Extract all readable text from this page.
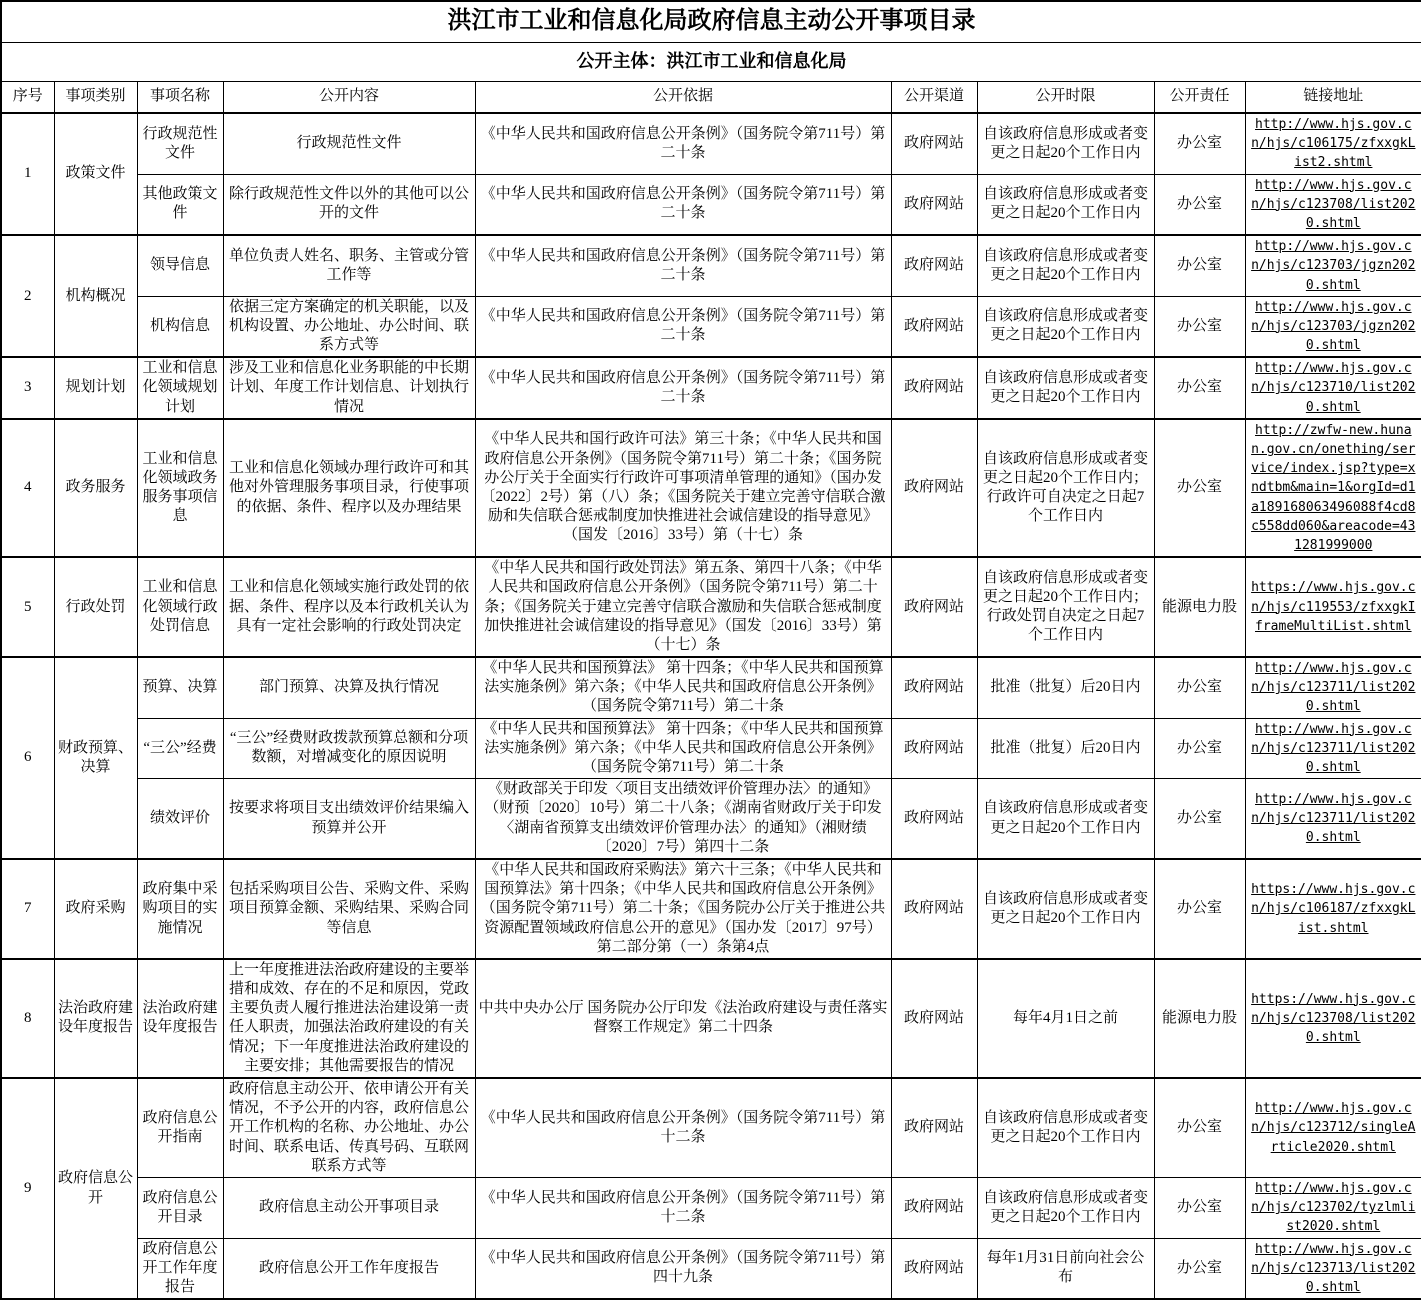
洪江市工业和信息化局政府信息主动公开事项目录								
公开主体：洪江市工业和信息化局								
序号	事项类别	事项名称	公开内容	公开依据	公开渠道	公开时限	公开责任	链接地址
1	政策文件	行政规范性文件	行政规范性文件	《中华人民共和国政府信息公开条例》（国务院令第711号）第二十条	政府网站	自该政府信息形成或者变更之日起20个工作日内	办公室	http://www.hjs.gov.cn/hjs/c106175/zfxxgkList2.shtml
		其他政策文件	除行政规范性文件以外的其他可以公开的文件	《中华人民共和国政府信息公开条例》（国务院令第711号）第二十条	政府网站	自该政府信息形成或者变更之日起20个工作日内	办公室	http://www.hjs.gov.cn/hjs/c123708/list2020.shtml
2	机构概况	领导信息	单位负责人姓名、职务、主管或分管工作等	《中华人民共和国政府信息公开条例》（国务院令第711号）第二十条	政府网站	自该政府信息形成或者变更之日起20个工作日内	办公室	http://www.hjs.gov.cn/hjs/c123703/jgzn2020.shtml
		机构信息	依据三定方案确定的机关职能，以及机构设置、办公地址、办公时间、联系方式等	《中华人民共和国政府信息公开条例》（国务院令第711号）第二十条	政府网站	自该政府信息形成或者变更之日起20个工作日内	办公室	http://www.hjs.gov.cn/hjs/c123703/jgzn2020.shtml
3	规划计划	工业和信息化领域规划计划	涉及工业和信息化业务职能的中长期计划、年度工作计划信息、计划执行情况	《中华人民共和国政府信息公开条例》（国务院令第711号）第二十条	政府网站	自该政府信息形成或者变更之日起20个工作日内	办公室	http://www.hjs.gov.cn/hjs/c123710/list2020.shtml
4	政务服务	工业和信息化领域政务服务事项信息	工业和信息化领域办理行政许可和其他对外管理服务事项目录，行使事项的依据、条件、程序以及办理结果	《中华人民共和国行政许可法》第三十条；《中华人民共和国政府信息公开条例》（国务院令第711号）第二十条；《国务院办公厅关于全面实行行政许可事项清单管理的通知》（国办发〔2022〕2号）第（八）条；《国务院关于建立完善守信联合激励和失信联合惩戒制度加快推进社会诚信建设的指导意见》（国发〔2016〕33号）第（十七）条	政府网站	自该政府信息形成或者变更之日起20个工作日内；行政许可自决定之日起7个工作日内	办公室	http://zwfw-new.hunan.gov.cn/onething/service/index.jsp?type=xndtbm&main=1&orgId=d1a189168063496088f4cd8c558dd060&areacode=431281999000
5	行政处罚	工业和信息化领域行政处罚信息	工业和信息化领域实施行政处罚的依据、条件、程序以及本行政机关认为具有一定社会影响的行政处罚决定	《中华人民共和国行政处罚法》第五条、第四十八条；《中华人民共和国政府信息公开条例》（国务院令第711号）第二十条；《国务院关于建立完善守信联合激励和失信联合惩戒制度加快推进社会诚信建设的指导意见》（国发〔2016〕33号）第（十七）条	政府网站	自该政府信息形成或者变更之日起20个工作日内；行政处罚自决定之日起7个工作日内	能源电力股	https://www.hjs.gov.cn/hjs/c119553/zfxxgkIframeMultiList.shtml
6	财政预算、决算	预算、决算	部门预算、决算及执行情况	《中华人民共和国预算法》 第十四条；《中华人民共和国预算法实施条例》第六条；《中华人民共和国政府信息公开条例》（国务院令第711号）第二十条	政府网站	批准（批复）后20日内	办公室	http://www.hjs.gov.cn/hjs/c123711/list2020.shtml
		“三公”经费	“三公”经费财政拨款预算总额和分项数额，对增减变化的原因说明	《中华人民共和国预算法》 第十四条；《中华人民共和国预算法实施条例》第六条；《中华人民共和国政府信息公开条例》（国务院令第711号）第二十条	政府网站	批准（批复）后20日内	办公室	http://www.hjs.gov.cn/hjs/c123711/list2020.shtml
		绩效评价	按要求将项目支出绩效评价结果编入预算并公开	《财政部关于印发〈项目支出绩效评价管理办法〉的通知》（财预〔2020〕10号）第二十八条；《湖南省财政厅关于印发〈湖南省预算支出绩效评价管理办法〉的通知》（湘财绩〔2020〕7号）第四十二条	政府网站	自该政府信息形成或者变更之日起20个工作日内	办公室	http://www.hjs.gov.cn/hjs/c123711/list2020.shtml
7	政府采购	政府集中采购项目的实施情况	包括采购项目公告、采购文件、采购项目预算金额、采购结果、采购合同等信息	《中华人民共和国政府采购法》第六十三条；《中华人民共和国预算法》第十四条；《中华人民共和国政府信息公开条例》（国务院令第711号）第二十条；《国务院办公厅关于推进公共资源配置领域政府信息公开的意见》（国办发〔2017〕97号）第二部分第（一）条第4点	政府网站	自该政府信息形成或者变更之日起20个工作日内	办公室	https://www.hjs.gov.cn/hjs/c106187/zfxxgkList.shtml
8	法治政府建设年度报告	法治政府建设年度报告	上一年度推进法治政府建设的主要举措和成效、存在的不足和原因，党政主要负责人履行推进法治建设第一责任人职责，加强法治政府建设的有关情况；下一年度推进法治政府建设的主要安排；其他需要报告的情况	中共中央办公厅 国务院办公厅印发《法治政府建设与责任落实督察工作规定》第二十四条	政府网站	每年4月1日之前	能源电力股	https://www.hjs.gov.cn/hjs/c123708/list2020.shtml
9	政府信息公开	政府信息公开指南	政府信息主动公开、依申请公开有关情况，不予公开的内容，政府信息公开工作机构的名称、办公地址、办公时间、联系电话、传真号码、互联网联系方式等	《中华人民共和国政府信息公开条例》（国务院令第711号）第十二条	政府网站	自该政府信息形成或者变更之日起20个工作日内	办公室	http://www.hjs.gov.cn/hjs/c123712/singleArticle2020.shtml
		政府信息公开目录	政府信息主动公开事项目录	《中华人民共和国政府信息公开条例》（国务院令第711号）第十二条	政府网站	自该政府信息形成或者变更之日起20个工作日内	办公室	http://www.hjs.gov.cn/hjs/c123702/tyzlmlist2020.shtml
		政府信息公开工作年度报告	政府信息公开工作年度报告	《中华人民共和国政府信息公开条例》（国务院令第711号）第四十九条	政府网站	每年1月31日前向社会公布	办公室	http://www.hjs.gov.cn/hjs/c123713/list2020.shtml
